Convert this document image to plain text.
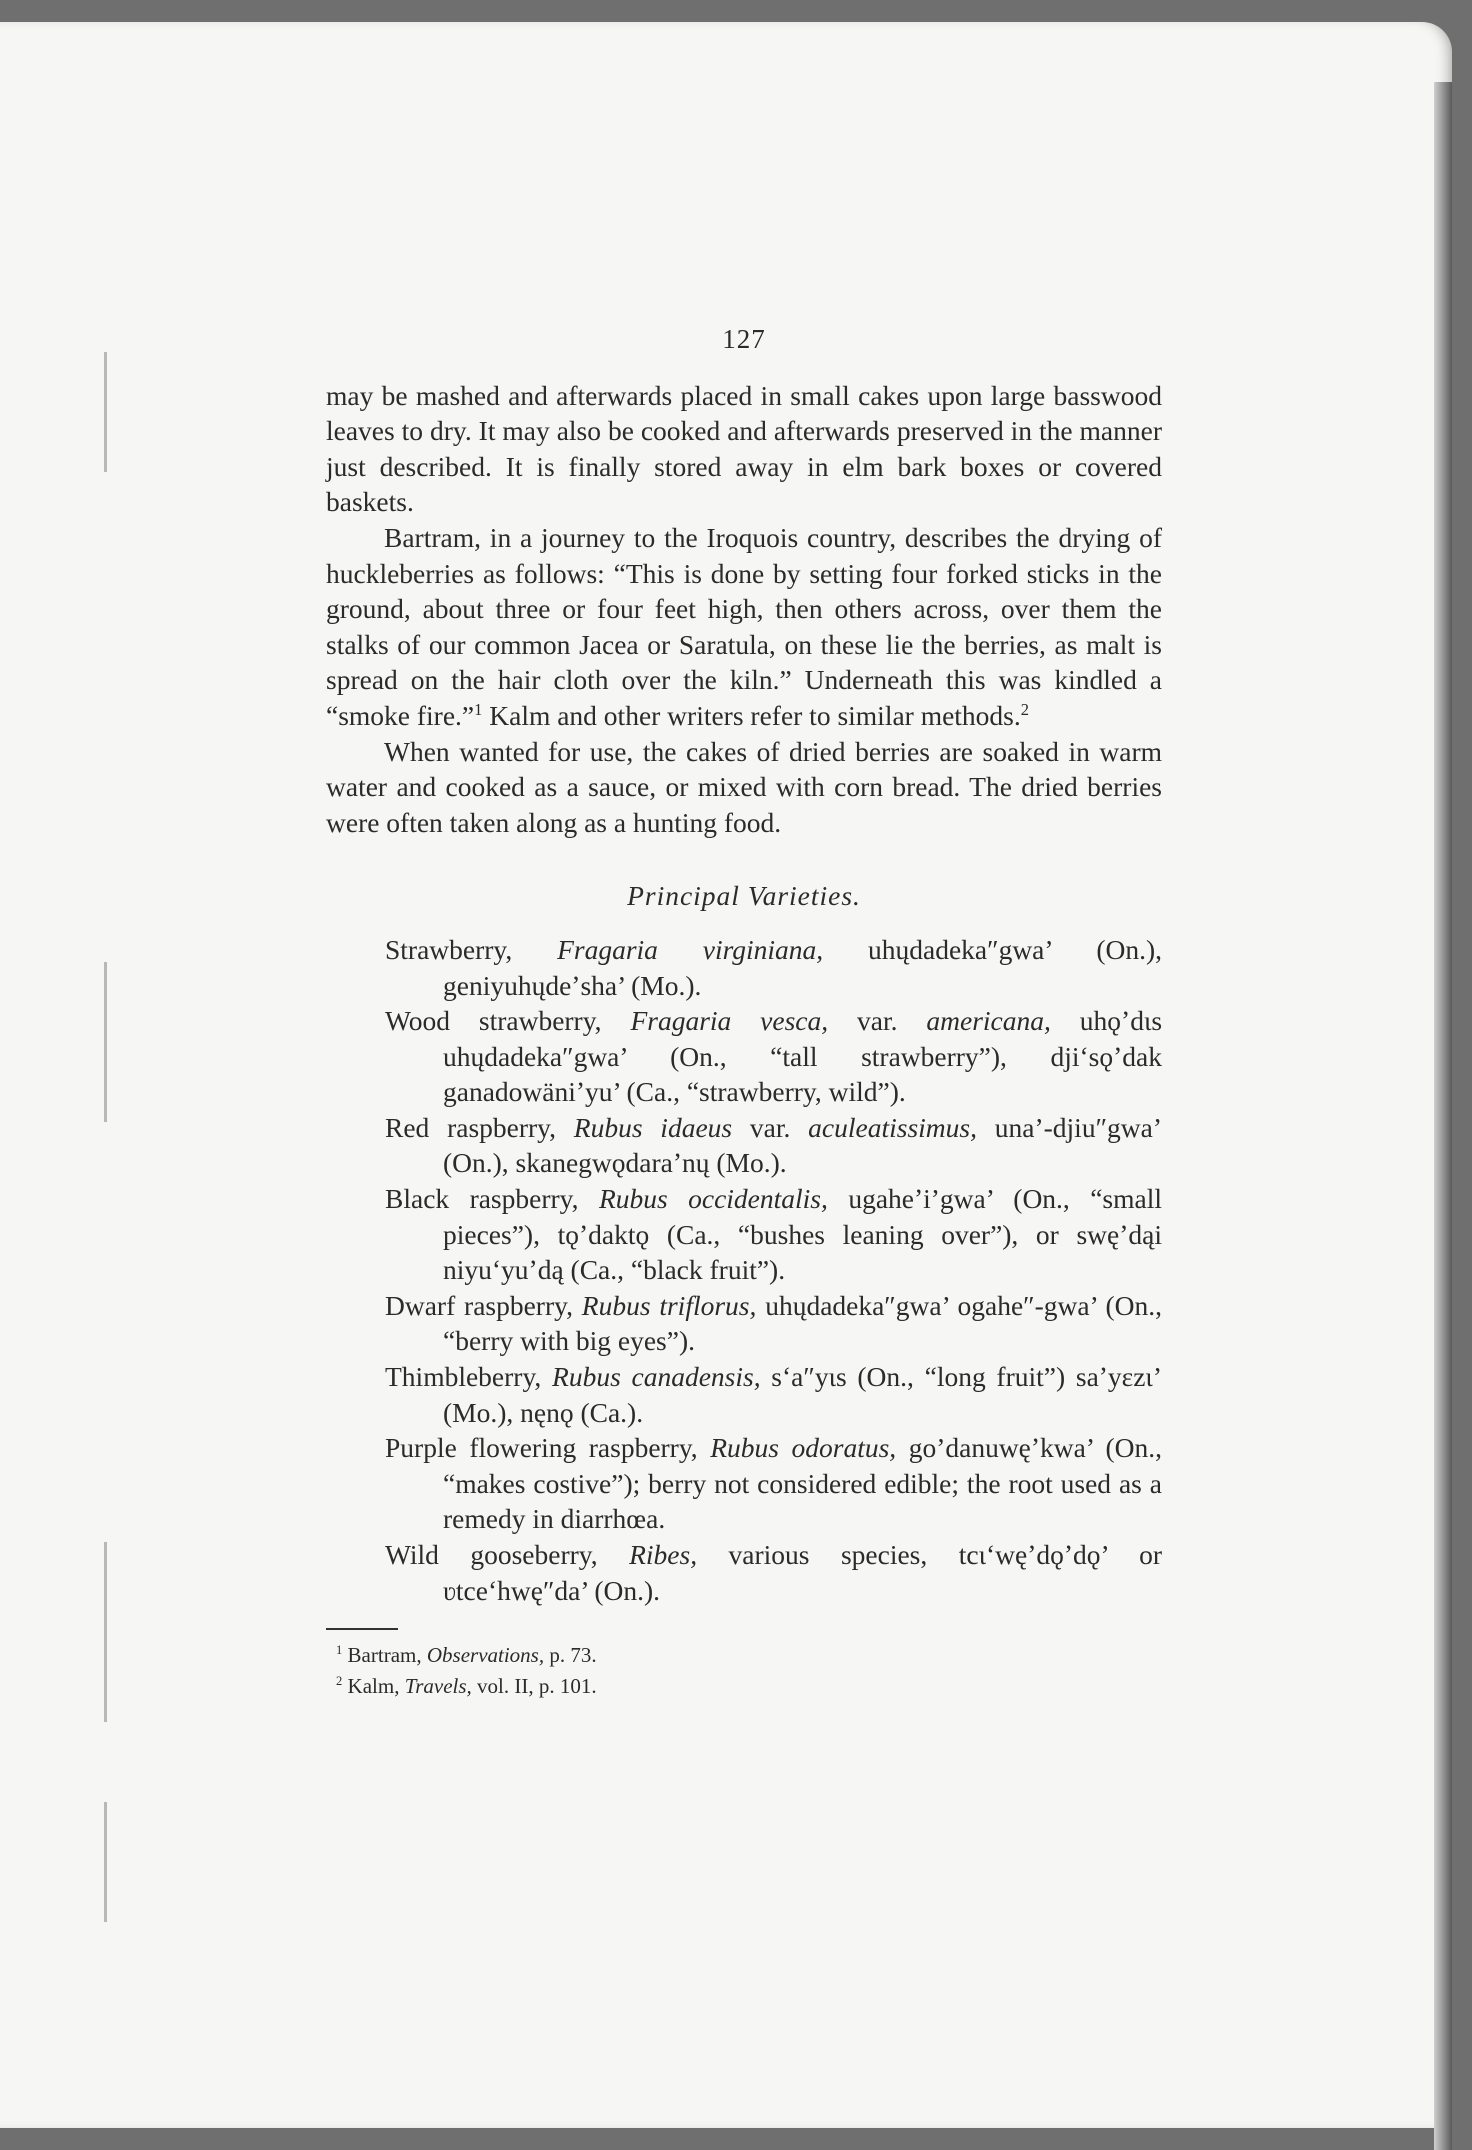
127

may be mashed and afterwards placed in small cakes upon large basswood leaves to dry. It may also be cooked and afterwards preserved in the manner just described. It is finally stored away in elm bark boxes or covered baskets.

Bartram, in a journey to the Iroquois country, describes the drying of huckleberries as follows: “This is done by setting four forked sticks in the ground, about three or four feet high, then others across, over them the stalks of our common Jacea or Saratula, on these lie the berries, as malt is spread on the hair cloth over the kiln.” Underneath this was kindled a “smoke fire.”$^1$ Kalm and other writers refer to similar methods.$^2$

When wanted for use, the cakes of dried berries are soaked in warm water and cooked as a sauce, or mixed with corn bread. The dried berries were often taken along as a hunting food.

Principal Varieties.

Strawberry, Fragaria virginiana, uhųdadeka″gwa’ (On.), geniyuhųdeʼsha’ (Mo.).

Wood strawberry, Fragaria vesca, var. americana, uhǫʼdɩs uhųdadeka″gwa’ (On., “tall strawberry”), djiʻsǫʼdak ganadowäniʼyu’ (Ca., “strawberry, wild”).

Red raspberry, Rubus idaeus var. aculeatissimus, una’-djiu″gwa’ (On.), skanegwǫdaraʼnų (Mo.).

Black raspberry, Rubus occidentalis, ugaheʼi’gwa’ (On., “small pieces”), tǫʼdaktǫ (Ca., “bushes leaning over”), or swęʼdąi niyuʻyuʼdą (Ca., “black fruit”).

Dwarf raspberry, Rubus triflorus, uhųdadeka″gwa’ ogahe″-gwa’ (On., “berry with big eyes”).

Thimbleberry, Rubus canadensis, sʻa″yɩs (On., “long fruit”) saʼyɛzɩ’ (Mo.), nęnǫ (Ca.).

Purple flowering raspberry, Rubus odoratus, go’danuwęʼkwa’ (On., “makes costive”); berry not considered edible; the root used as a remedy in diarrhœa.

Wild gooseberry, Ribes, various species, tcɩʻwęʼdǫʼdǫ’ or ʋtceʻhwę″da’ (On.).

$^1$ Bartram, Observations, p. 73.
$^2$ Kalm, Travels, vol. II, p. 101.
